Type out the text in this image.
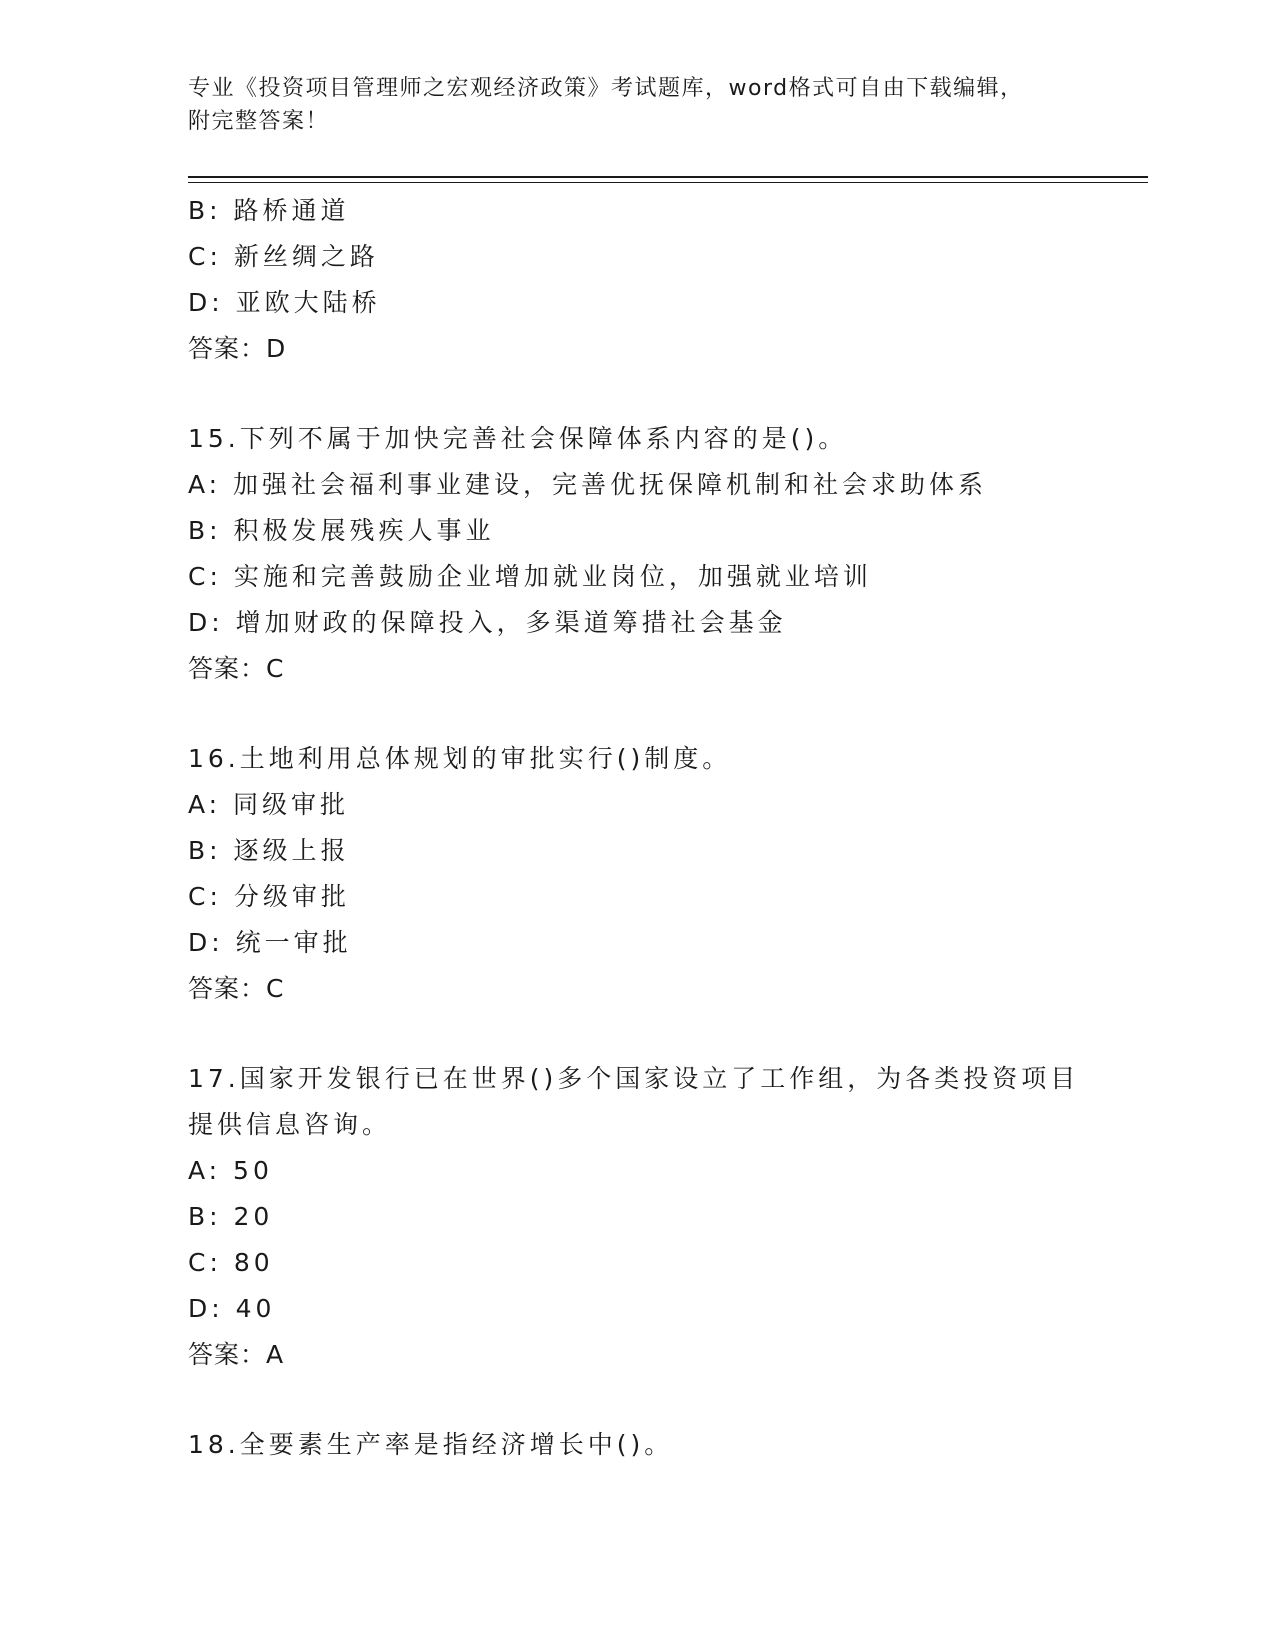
专业《投资项目管理师之宏观经济政策》考试题库，word格式可自由下载编辑，
附完整答案！
B: 路桥通道
C: 新丝绸之路
D: 亚欧大陆桥
答案：D
15.下列不属于加快完善社会保障体系内容的是()。
A: 加强社会福利事业建设，完善优抚保障机制和社会求助体系
B: 积极发展残疾人事业
C: 实施和完善鼓励企业增加就业岗位，加强就业培训
D: 增加财政的保障投入，多渠道筹措社会基金
答案：C
16.土地利用总体规划的审批实行()制度。
A: 同级审批
B: 逐级上报
C: 分级审批
D: 统一审批
答案：C
17.国家开发银行已在世界()多个国家设立了工作组，为各类投资项目
提供信息咨询。
A: 50
B: 20
C: 80
D: 40
答案：A
18.全要素生产率是指经济增长中()。
